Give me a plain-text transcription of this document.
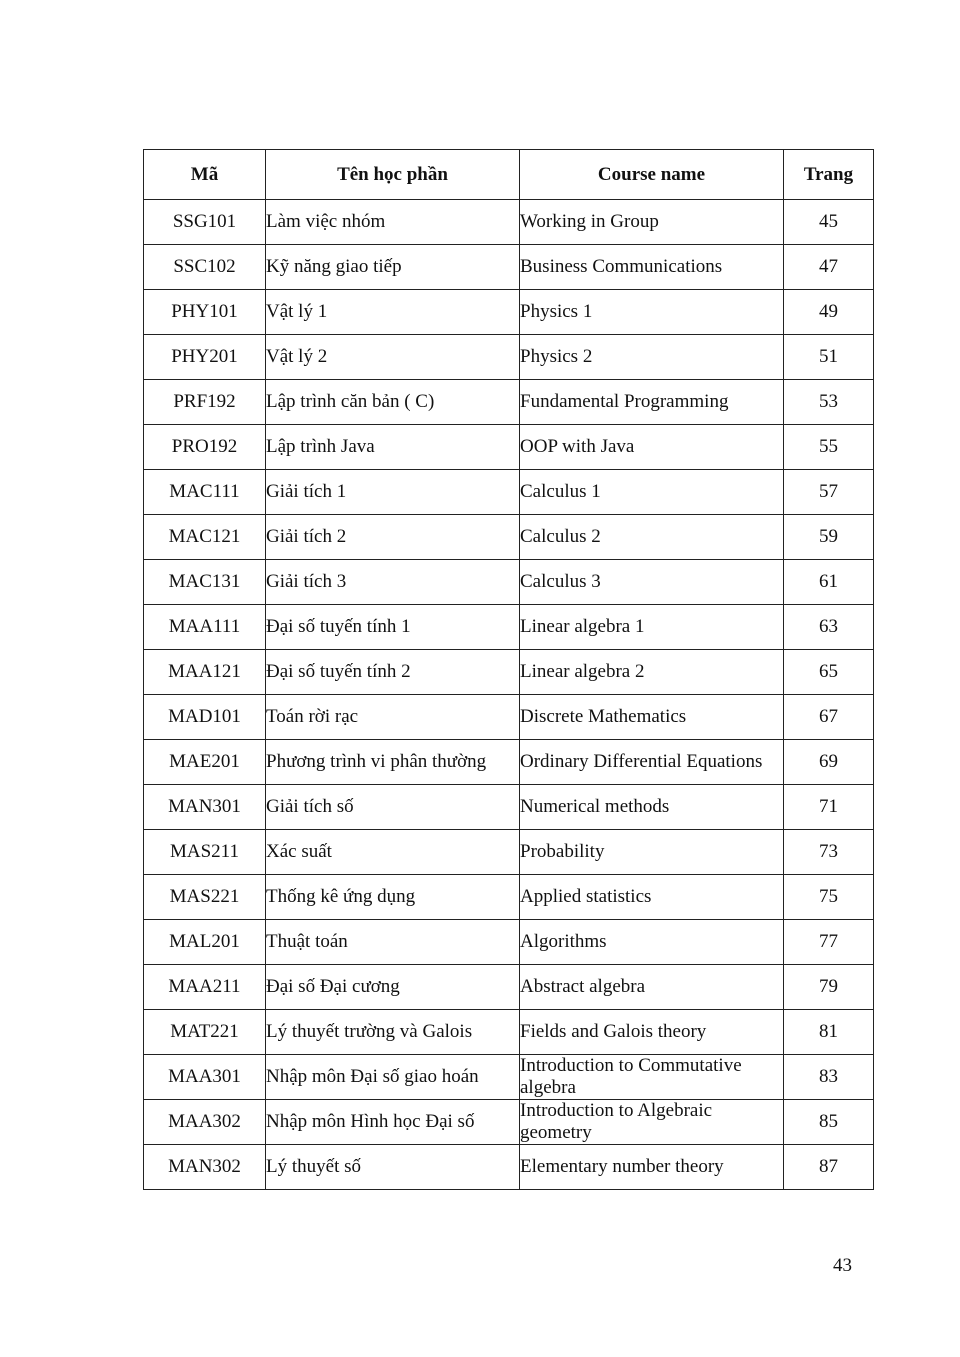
Mã	Tên học phần	Course name	Trang
SSG101	Làm việc nhóm	Working in Group	45
SSC102	Kỹ năng giao tiếp	Business Communications	47
PHY101	Vật lý 1	Physics 1	49
PHY201	Vật lý 2	Physics 2	51
PRF192	Lập trình căn bản ( C)	Fundamental Programming	53
PRO192	Lập trình Java	OOP with Java	55
MAC111	Giải tích 1	Calculus 1	57
MAC121	Giải tích 2	Calculus 2	59
MAC131	Giải tích 3	Calculus 3	61
MAA111	Đại số tuyến tính 1	Linear algebra 1	63
MAA121	Đại số tuyến tính 2	Linear algebra 2	65
MAD101	Toán rời rạc	Discrete Mathematics	67
MAE201	Phương trình vi phân thường	Ordinary Differential Equations	69
MAN301	Giải tích số	Numerical methods	71
MAS211	Xác suất	Probability	73
MAS221	Thống kê ứng dụng	Applied statistics	75
MAL201	Thuật toán	Algorithms	77
MAA211	Đại số Đại cương	Abstract algebra	79
MAT221	Lý thuyết trường và Galois	Fields and Galois theory	81
MAA301	Nhập môn Đại số giao hoán	Introduction to Commutative algebra	83
MAA302	Nhập môn Hình học Đại số	Introduction to Algebraic geometry	85
MAN302	Lý thuyết số	Elementary number theory	87
43
